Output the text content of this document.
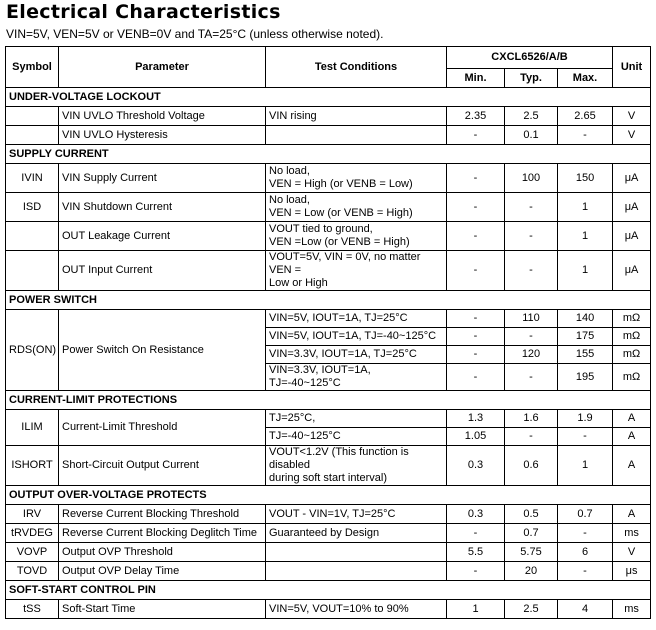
Electrical Characteristics
VIN=5V, VEN=5V or VENB=0V and TA=25°C (unless otherwise noted).
Symbol	Parameter	Test Conditions	CXCL6526/A/B			Unit
			Min.	Typ.	Max.	
UNDER-VOLTAGE LOCKOUT						
	VIN UVLO Threshold Voltage	VIN rising	2.35	2.5	2.65	V
	VIN UVLO Hysteresis		-	0.1	-	V
SUPPLY CURRENT						
IVIN	VIN Supply Current	No load,
VEN = High (or VENB = Low)	-	100	150	μA
ISD	VIN Shutdown Current	No load,
VEN = Low (or VENB = High)	-	-	1	μA
	OUT Leakage Current	VOUT tied to ground,
VEN =Low (or VENB = High)	-	-	1	μA
	OUT Input Current	VOUT=5V, VIN = 0V, no matter VEN =
Low or High	-	-	1	μA
POWER SWITCH						
RDS(ON)	Power Switch On Resistance	VIN=5V, IOUT=1A, TJ=25°C	-	110	140	mΩ
		VIN=5V, IOUT=1A, TJ=-40~125°C	-	-	175	mΩ
		VIN=3.3V, IOUT=1A, TJ=25°C	-	120	155	mΩ
		VIN=3.3V, IOUT=1A, TJ=-40~125°C	-	-	195	mΩ
CURRENT-LIMIT PROTECTIONS						
ILIM	Current-Limit Threshold	TJ=25°C,	1.3	1.6	1.9	A
		TJ=-40~125°C	1.05	-	-	A
ISHORT	Short-Circuit Output Current	VOUT<1.2V (This function is disabled
during soft start interval)	0.3	0.6	1	A
OUTPUT OVER-VOLTAGE PROTECTS						
IRV	Reverse Current Blocking Threshold	VOUT - VIN=1V, TJ=25°C	0.3	0.5	0.7	A
tRVDEG	Reverse Current Blocking Deglitch Time	Guaranteed by Design	-	0.7	-	ms
VOVP	Output OVP Threshold		5.5	5.75	6	V
TOVD	Output OVP Delay Time		-	20	-	μs
SOFT-START CONTROL PIN						
tSS	Soft-Start Time	VIN=5V, VOUT=10% to 90%	1	2.5	4	ms
